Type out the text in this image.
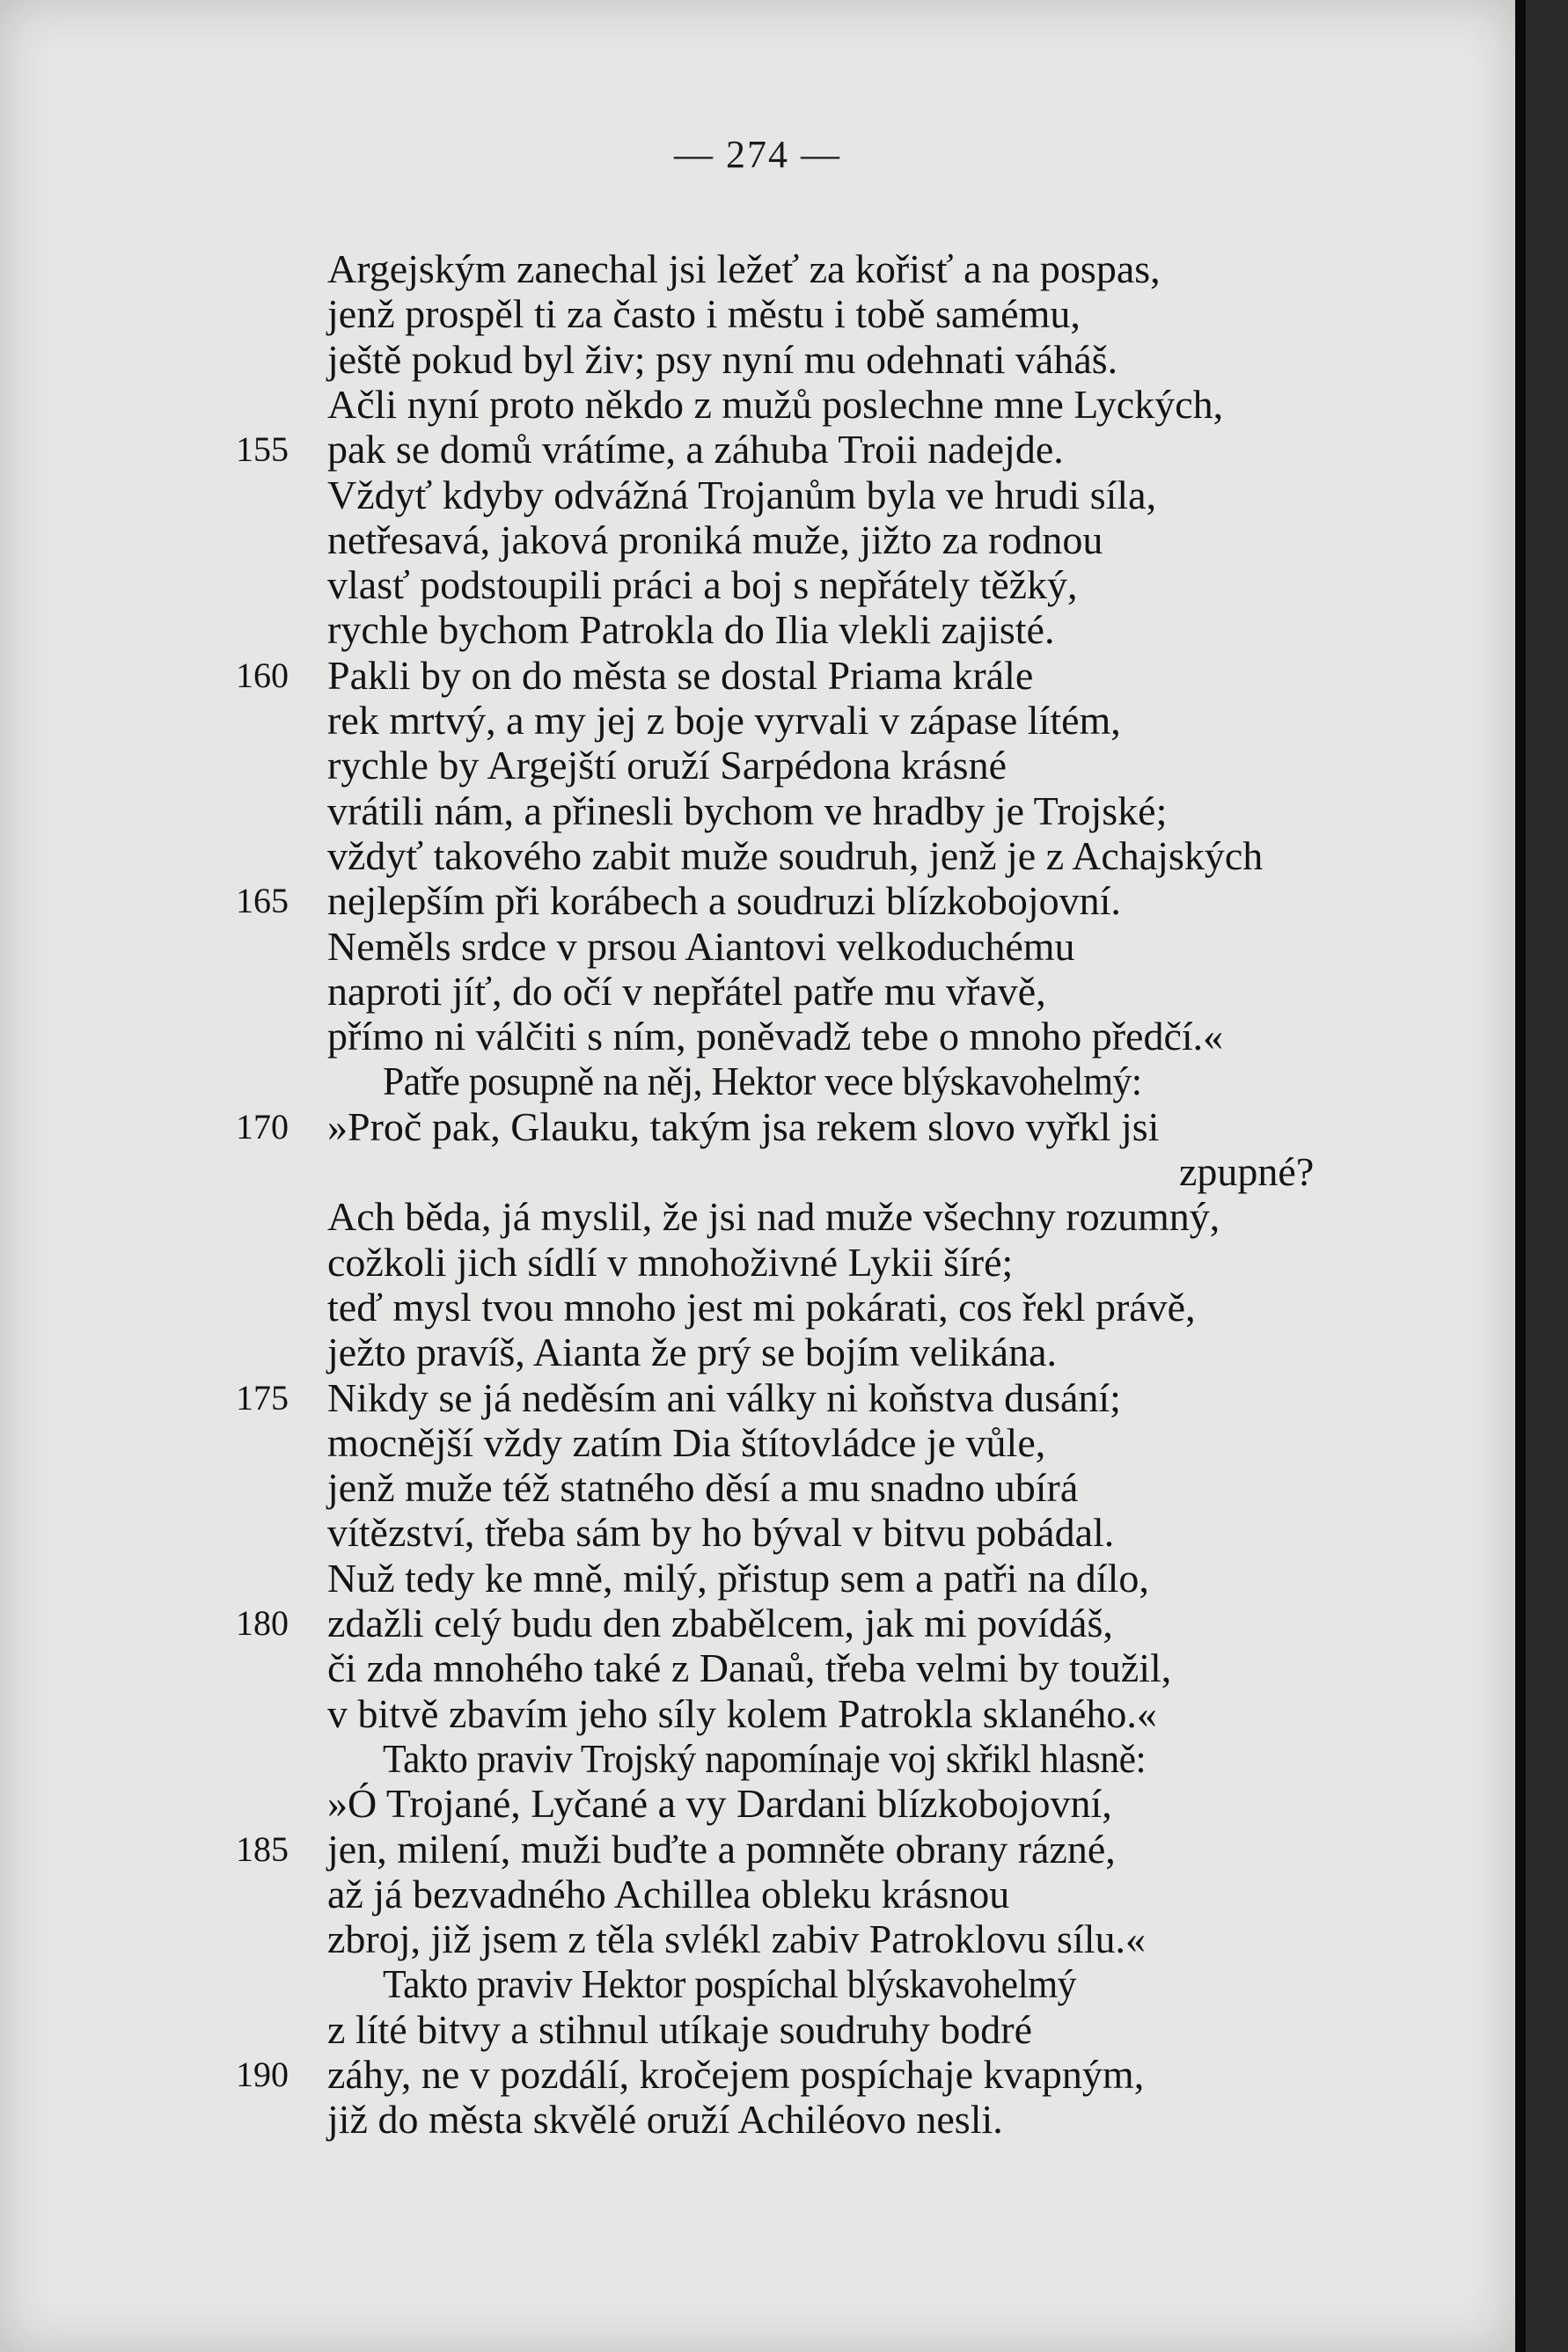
— 274 —
Argejským zanechal jsi ležeť za kořisť a na pospas,
jenž prospěl ti za často i městu i tobě samému,
ještě pokud byl živ; psy nyní mu odehnati váháš.
Ačli nyní proto někdo z mužů poslechne mne Lyckých,
pak se domů vrátíme, a záhuba Troii nadejde.
155
Vždyť kdyby odvážná Trojanům byla ve hrudi síla,
netřesavá, jaková proniká muže, jižto za rodnou
vlasť podstoupili práci a boj s nepřátely těžký,
rychle bychom Patrokla do Ilia vlekli zajisté.
Pakli by on do města se dostal Priama krále
160
rek mrtvý, a my jej z boje vyrvali v zápase lítém,
rychle by Argejští oruží Sarpédona krásné
vrátili nám, a přinesli bychom ve hradby je Trojské;
vždyť takového zabit muže soudruh, jenž je z Achajských
nejlepším při korábech a soudruzi blízkobojovní.
165
Neměls srdce v prsou Aiantovi velkoduchému
naproti jíť, do očí v nepřátel patře mu vřavě,
přímo ni válčiti s ním, poněvadž tebe o mnoho předčí.«
Patře posupně na něj, Hektor vece blýskavohelmý:
»Proč pak, Glauku, takým jsa rekem slovo vyřkl jsi
170
zpupné?
Ach běda, já myslil, že jsi nad muže všechny rozumný,
cožkoli jich sídlí v mnohoživné Lykii šíré;
teď mysl tvou mnoho jest mi pokárati, cos řekl právě,
ježto pravíš, Aianta že prý se bojím velikána.
Nikdy se já neděsím ani války ni koňstva dusání;
175
mocnější vždy zatím Dia štítovládce je vůle,
jenž muže též statného děsí a mu snadno ubírá
vítězství, třeba sám by ho býval v bitvu pobádal.
Nuž tedy ke mně, milý, přistup sem a patři na dílo,
zdažli celý budu den zbabělcem, jak mi povídáš,
180
či zda mnohého také z Danaů, třeba velmi by toužil,
v bitvě zbavím jeho síly kolem Patrokla sklaného.«
Takto praviv Trojský napomínaje voj skřikl hlasně:
»Ó Trojané, Lyčané a vy Dardani blízkobojovní,
jen, milení, muži buďte a pomněte obrany rázné,
185
až já bezvadného Achillea obleku krásnou
zbroj, již jsem z těla svlékl zabiv Patroklovu sílu.«
Takto praviv Hektor pospíchal blýskavohelmý
z líté bitvy a stihnul utíkaje soudruhy bodré
záhy, ne v pozdálí, kročejem pospíchaje kvapným,
190
již do města skvělé oruží Achiléovo nesli.
